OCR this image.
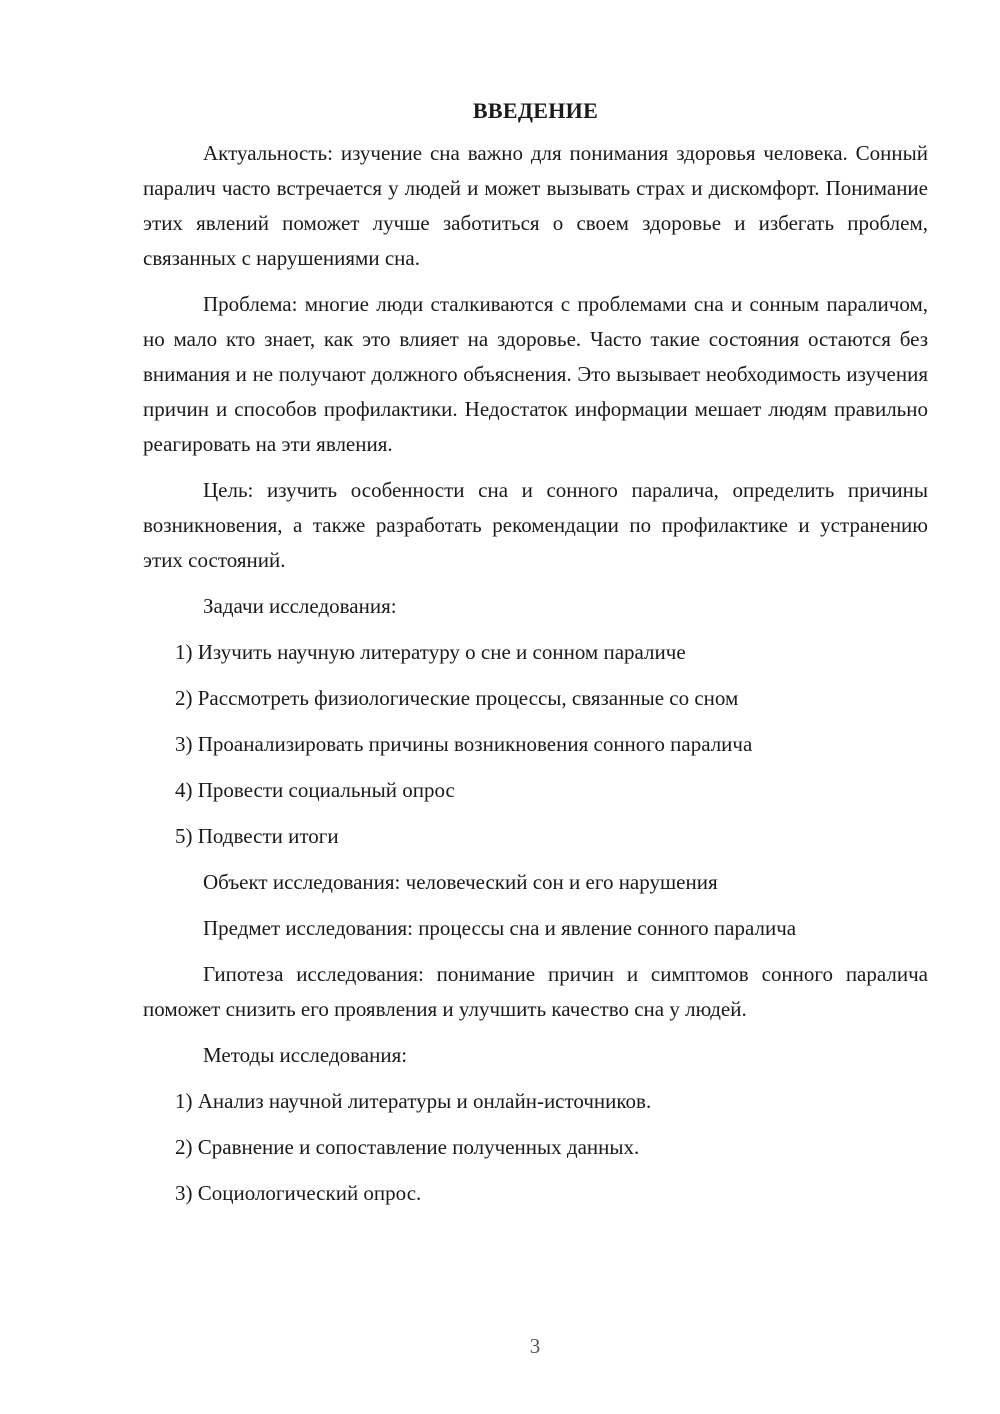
ВВЕДЕНИЕ

Актуальность: изучение сна важно для понимания здоровья человека. Сонный паралич часто встречается у людей и может вызывать страх и дискомфорт. Понимание этих явлений поможет лучше заботиться о своем здоровье и избегать проблем, связанных с нарушениями сна.

Проблема: многие люди сталкиваются с проблемами сна и сонным параличом, но мало кто знает, как это влияет на здоровье. Часто такие состояния остаются без внимания и не получают должного объяснения. Это вызывает необходимость изучения причин и способов профилактики. Недостаток информации мешает людям правильно реагировать на эти явления.

Цель: изучить особенности сна и сонного паралича, определить причины возникновения, а также разработать рекомендации по профилактике и устранению этих состояний.

Задачи исследования:

1) Изучить научную литературу о сне и сонном параличе

2) Рассмотреть физиологические процессы, связанные со сном

3) Проанализировать причины возникновения сонного паралича

4) Провести социальный опрос

5) Подвести итоги

Объект исследования: человеческий сон и его нарушения

Предмет исследования: процессы сна и явление сонного паралича

Гипотеза исследования: понимание причин и симптомов сонного паралича поможет снизить его проявления и улучшить качество сна у людей.

Методы исследования:

1) Анализ научной литературы и онлайн-источников.

2) Сравнение и сопоставление полученных данных.

3) Социологический опрос.

3
